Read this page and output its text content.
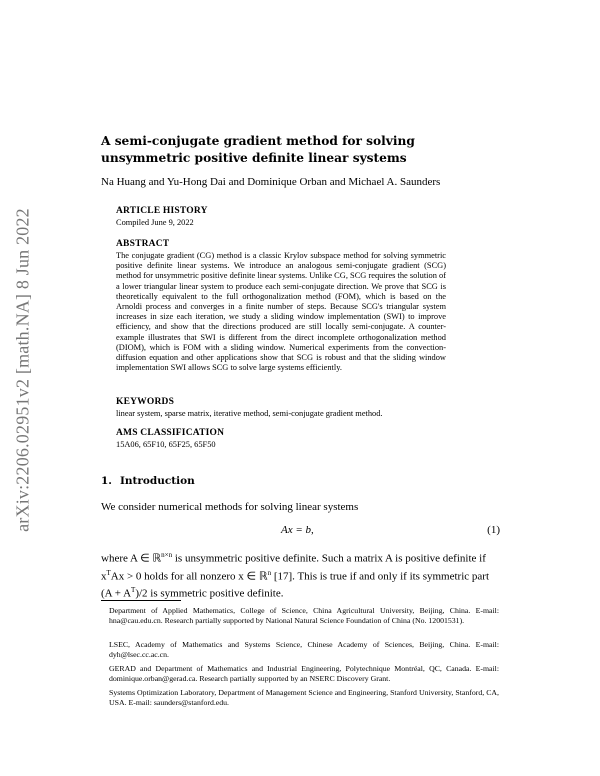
arXiv:2206.02951v2 [math.NA] 8 Jun 2022
A semi-conjugate gradient method for solving unsymmetric positive definite linear systems
Na Huang and Yu-Hong Dai and Dominique Orban and Michael A. Saunders
ARTICLE HISTORY
Compiled June 9, 2022
ABSTRACT
The conjugate gradient (CG) method is a classic Krylov subspace method for solving symmetric positive definite linear systems. We introduce an analogous semi-conjugate gradient (SCG) method for unsymmetric positive definite linear systems. Unlike CG, SCG requires the solution of a lower triangular linear system to produce each semi-conjugate direction. We prove that SCG is theoretically equivalent to the full orthogonalization method (FOM), which is based on the Arnoldi process and converges in a finite number of steps. Because SCG's triangular system increases in size each iteration, we study a sliding window implementation (SWI) to improve efficiency, and show that the directions produced are still locally semi-conjugate. A counter-example illustrates that SWI is different from the direct incomplete orthogonalization method (DIOM), which is FOM with a sliding window. Numerical experiments from the convection-diffusion equation and other applications show that SCG is robust and that the sliding window implementation SWI allows SCG to solve large systems efficiently.
KEYWORDS
linear system, sparse matrix, iterative method, semi-conjugate gradient method.
AMS CLASSIFICATION
15A06, 65F10, 65F25, 65F50
1. Introduction
We consider numerical methods for solving linear systems
Ax = b,	(1)
where A ∈ ℝ$^{n\times n}$ is unsymmetric positive definite. Such a matrix A is positive definite if $x^TAx > 0$ holds for all nonzero x ∈ ℝ$^n$ [17]. This is true if and only if its symmetric part $(A + A^T)/2$ is symmetric positive definite.
Department of Applied Mathematics, College of Science, China Agricultural University, Beijing, China. E-mail: hna@cau.edu.cn. Research partially supported by National Natural Science Foundation of China (No. 12001531).
LSEC, Academy of Mathematics and Systems Science, Chinese Academy of Sciences, Beijing, China. E-mail: dyh@lsec.cc.ac.cn.
GERAD and Department of Mathematics and Industrial Engineering, Polytechnique Montréal, QC, Canada. E-mail: dominique.orban@gerad.ca. Research partially supported by an NSERC Discovery Grant.
Systems Optimization Laboratory, Department of Management Science and Engineering, Stanford University, Stanford, CA, USA. E-mail: saunders@stanford.edu.
